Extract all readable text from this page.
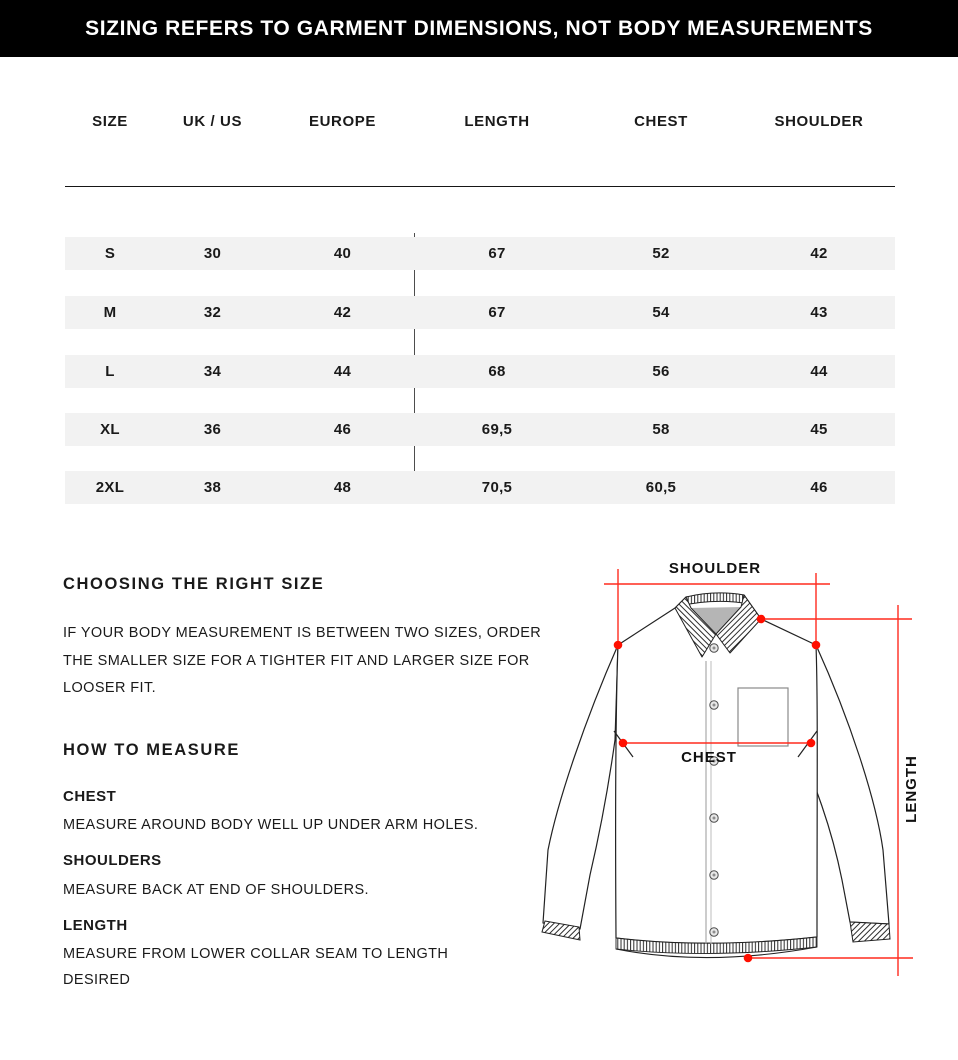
SIZING REFERS TO GARMENT DIMENSIONS, NOT BODY MEASUREMENTS
SIZE	UK / US	EUROPE	LENGTH	CHEST	SHOULDER
S	30	40	67	52	42
M	32	42	67	54	43
L	34	44	68	56	44
XL	36	46	69,5	58	45
2XL	38	48	70,5	60,5	46
CHOOSING THE RIGHT SIZE

IF YOUR BODY MEASUREMENT IS BETWEEN TWO SIZES, ORDER THE SMALLER SIZE FOR A TIGHTER FIT AND LARGER SIZE FOR LOOSER FIT.

HOW TO MEASURE
CHEST
MEASURE AROUND BODY WELL UP UNDER ARM HOLES.
SHOULDERS
MEASURE BACK AT END OF SHOULDERS.
LENGTH
MEASURE FROM LOWER COLLAR SEAM TO LENGTH DESIRED
SHOULDER
CHEST	LENGTH
